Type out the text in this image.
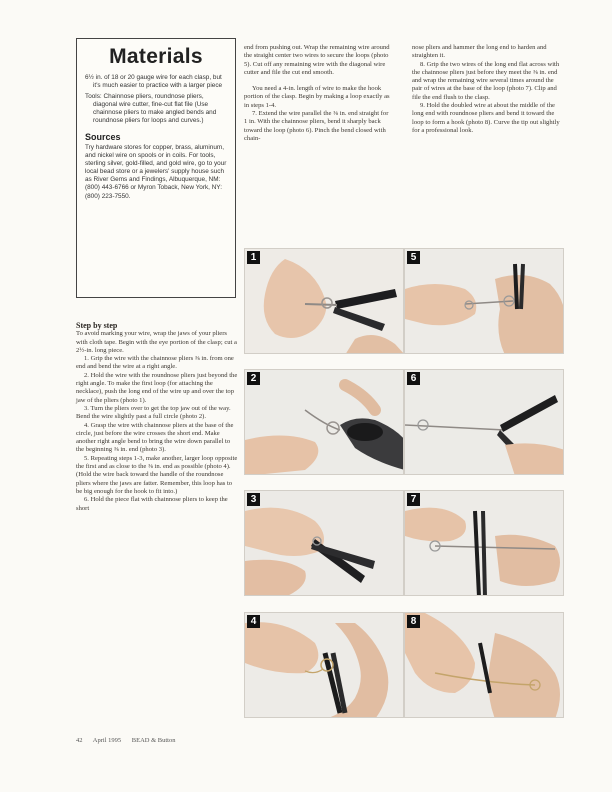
Materials

6½ in. of 18 or 20 gauge wire for each clasp, but it's much easier to practice with a larger piece

Tools: Chainnose pliers, roundnose pliers, diagonal wire cutter, fine-cut flat file (Use chainnose pliers to make angled bends and roundnose pliers for loops and curves.)

Sources

Try hardware stores for copper, brass, aluminum, and nickel wire on spools or in coils. For tools, sterling silver, gold-filled, and gold wire, go to your local bead store or a jewelers' supply house such as River Gems and Findings, Albuquerque, NM: (800) 443-6766 or Myron Toback, New York, NY: (800) 223-7550.

Step by step

To avoid marking your wire, wrap the jaws of your pliers with cloth tape. Begin with the eye portion of the clasp; cut a 2½-in. long piece.

1. Grip the wire with the chainnose pliers ⅜ in. from one end and bend the wire at a right angle.

2. Hold the wire with the roundnose pliers just beyond the right angle. To make the first loop (for attaching the necklace), push the long end of the wire up and over the top jaw of the pliers (photo 1).

3. Turn the pliers over to get the top jaw out of the way. Bend the wire slightly past a full circle (photo 2).

4. Grasp the wire with chainnose pliers at the base of the circle, just before the wire crosses the short end. Make another right angle bend to bring the wire down parallel to the beginning ⅜ in. end (photo 3).

5. Repeating steps 1-3, make another, larger loop opposite the first and as close to the ⅜ in. end as possible (photo 4). (Hold the wire back toward the handle of the roundnose pliers where the jaws are fatter. Remember, this loop has to be big enough for the hook to fit into.)

6. Hold the piece flat with chainnose pliers to keep the short

end from pushing out. Wrap the remaining wire around the straight center two wires to secure the loops (photo 5). Cut off any remaining wire with the diagonal wire cutter and file the cut end smooth.

You need a 4-in. length of wire to make the hook portion of the clasp. Begin by making a loop exactly as in steps 1-4.

7. Extend the wire parallel the ⅜ in. end straight for 1 in. With the chainnose pliers, bend it sharply back toward the loop (photo 6). Pinch the bend closed with chain-

nose pliers and hammer the long end to harden and straighten it.

8. Grip the two wires of the long end flat across with the chainnose pliers just before they meet the ⅜ in. end and wrap the remaining wire several times around the pair of wires at the base of the loop (photo 7). Clip and file the end flush to the clasp.

9. Hold the doubled wire at about the middle of the long end with roundnose pliers and bend it toward the loop to form a hook (photo 8). Curve the tip out slightly for a professional look.

1
2
3
4
5
6
7
8
42 April 1995 BEAD & Button
